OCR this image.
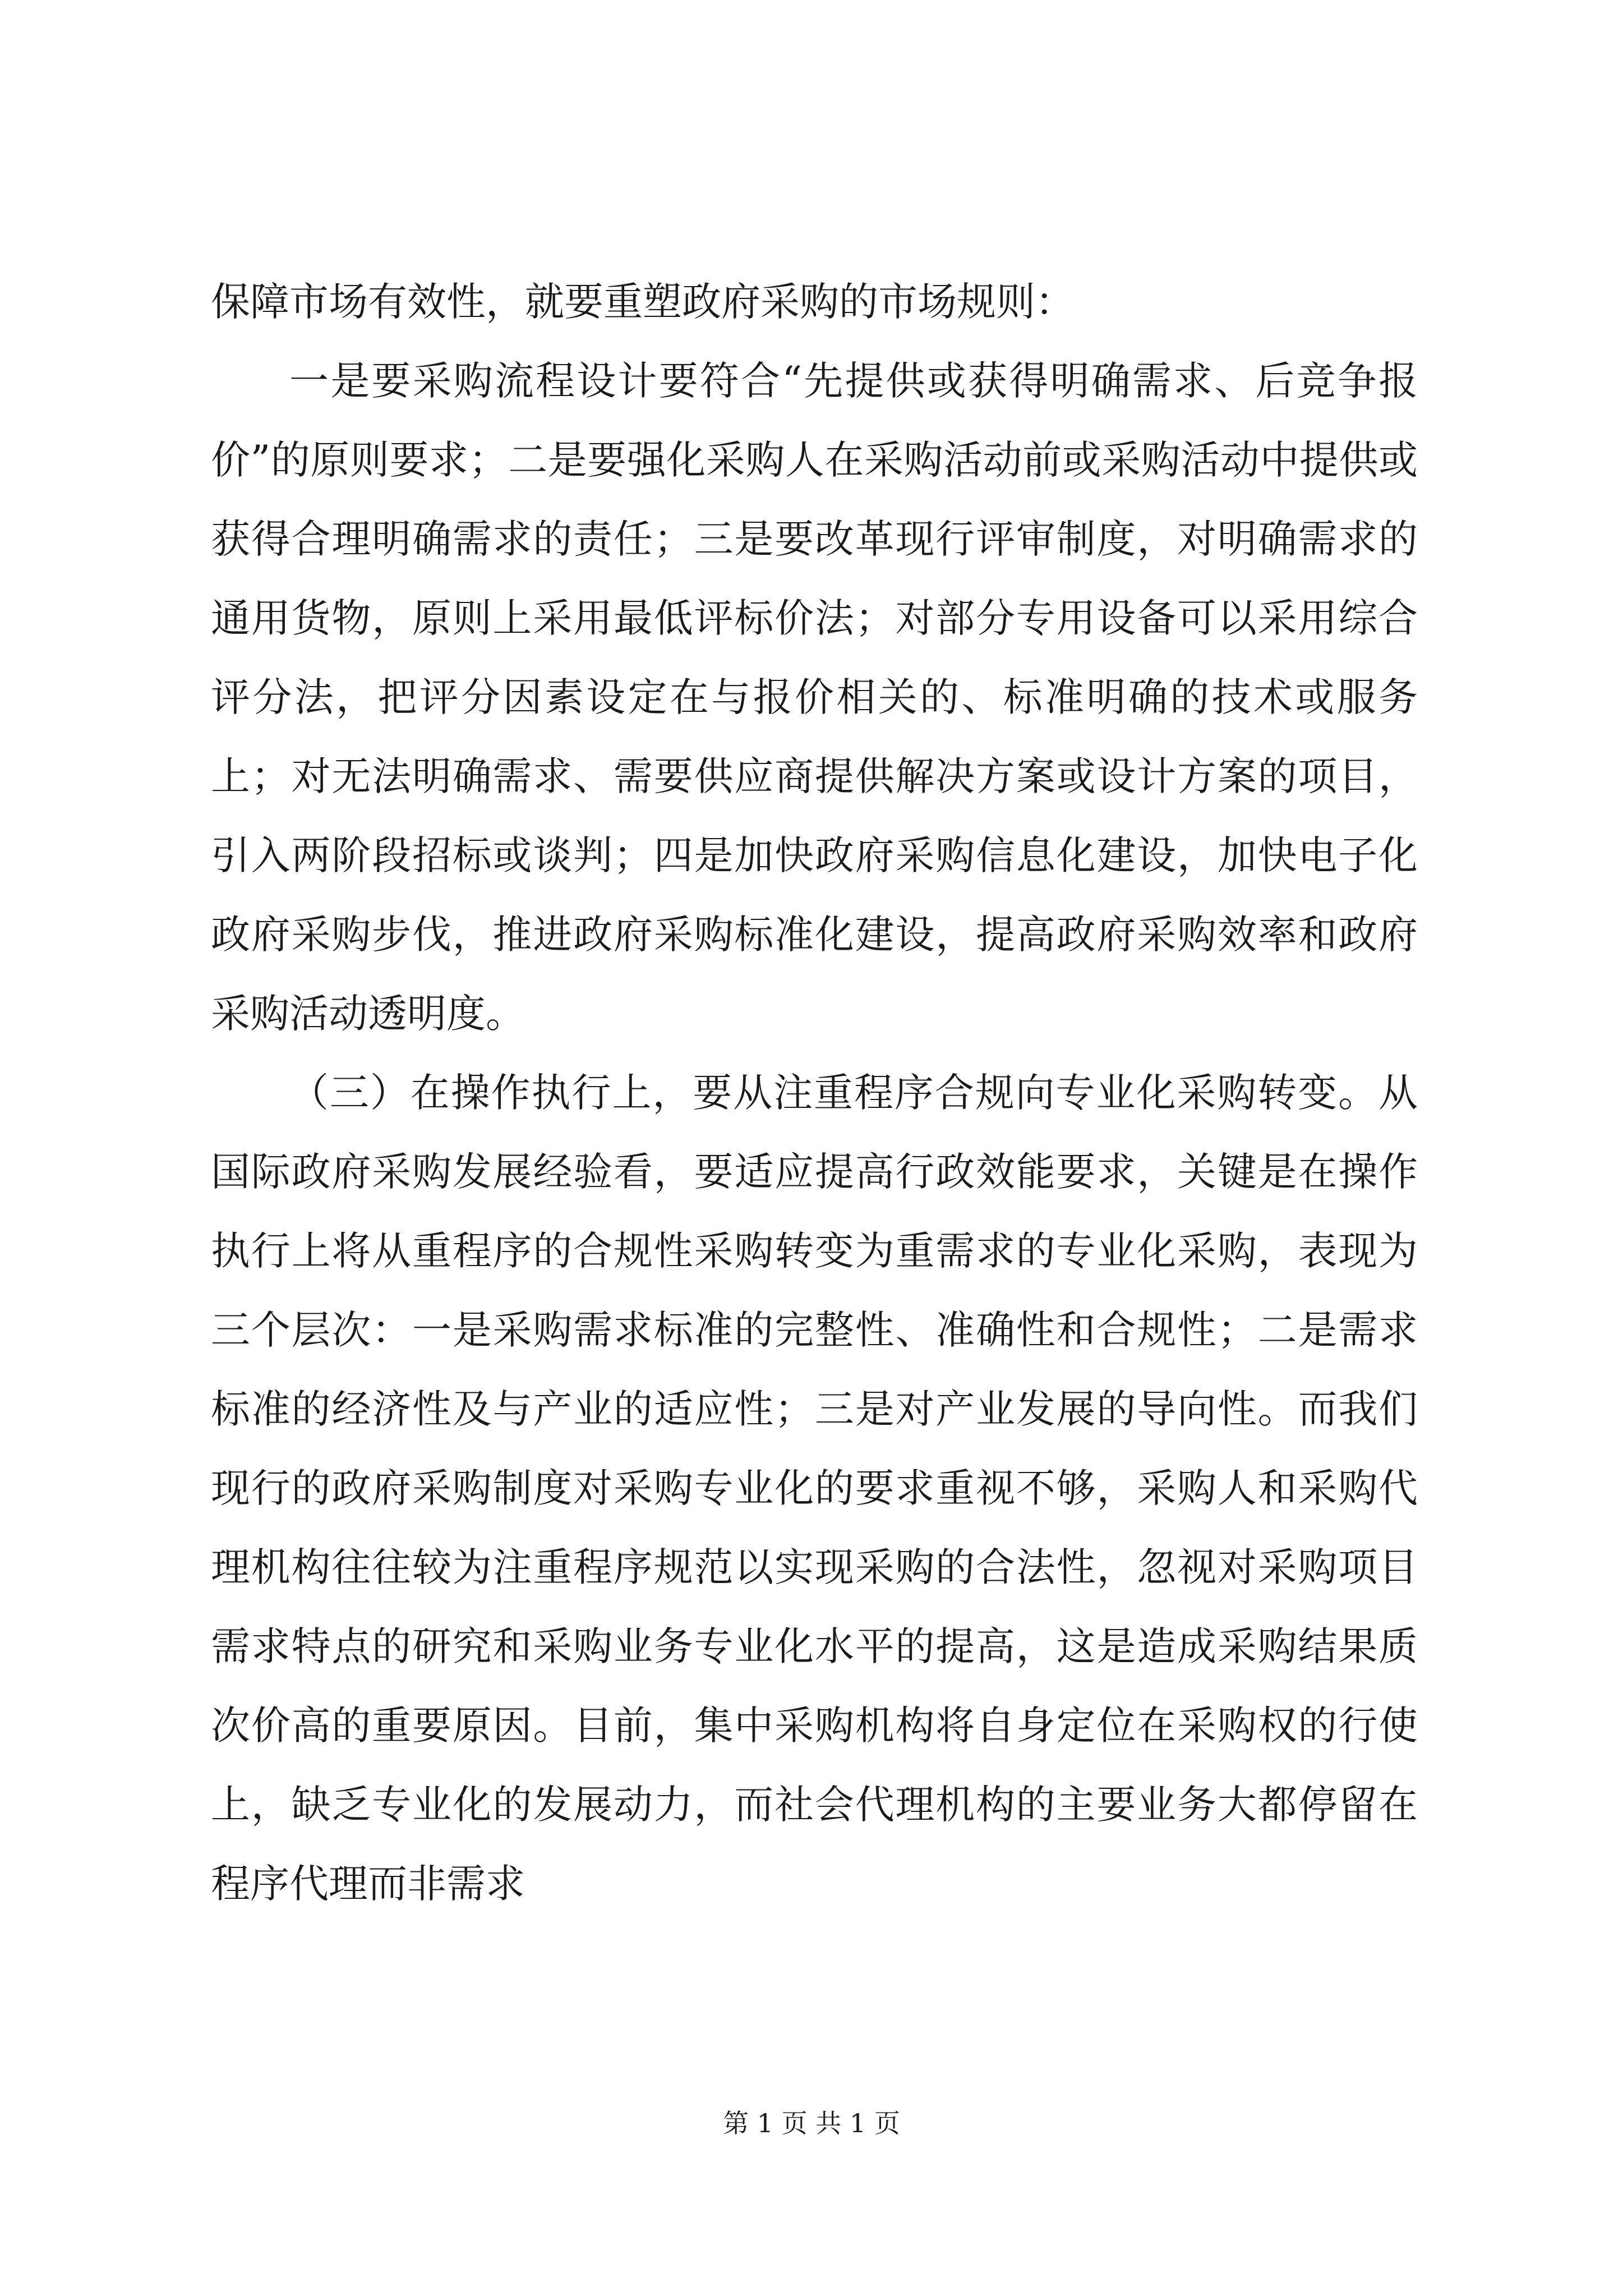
保障市场有效性，就要重塑政府采购的市场规则：

一是要采购流程设计要符合“先提供或获得明确需求、后竞争报价”的原则要求；二是要强化采购人在采购活动前或采购活动中提供或获得合理明确需求的责任；三是要改革现行评审制度，对明确需求的通用货物，原则上采用最低评标价法；对部分专用设备可以采用综合评分法，把评分因素设定在与报价相关的、标准明确的技术或服务上；对无法明确需求、需要供应商提供解决方案或设计方案的项目，引入两阶段招标或谈判；四是加快政府采购信息化建设，加快电子化政府采购步伐，推进政府采购标准化建设，提高政府采购效率和政府采购活动透明度。

（三）在操作执行上，要从注重程序合规向专业化采购转变。从国际政府采购发展经验看，要适应提高行政效能要求，关键是在操作执行上将从重程序的合规性采购转变为重需求的专业化采购，表现为三个层次：一是采购需求标准的完整性、准确性和合规性；二是需求标准的经济性及与产业的适应性；三是对产业发展的导向性。而我们现行的政府采购制度对采购专业化的要求重视不够，采购人和采购代理机构往往较为注重程序规范以实现采购的合法性，忽视对采购项目需求特点的研究和采购业务专业化水平的提高，这是造成采购结果质次价高的重要原因。目前，集中采购机构将自身定位在采购权的行使上，缺乏专业化的发展动力，而社会代理机构的主要业务大都停留在程序代理而非需求

第 1 页 共 1 页
